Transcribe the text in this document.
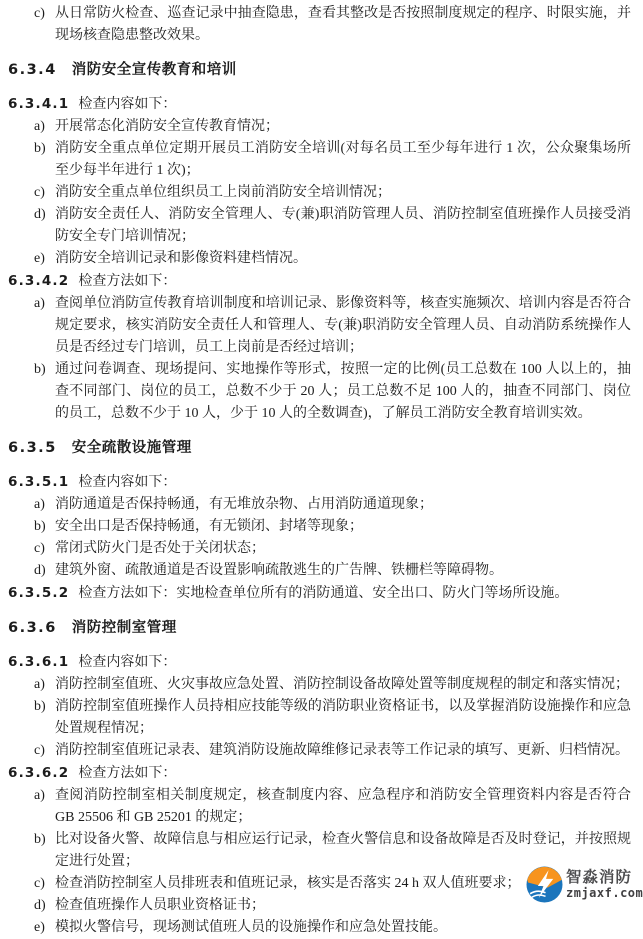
c) 从日常防火检查、巡查记录中抽查隐患，查看其整改是否按照制度规定的程序、时限实施，并现场核查隐患整改效果。
6.3.4 消防安全宣传教育和培训

6.3.4.1 检查内容如下：

a) 开展常态化消防安全宣传教育情况；
b) 消防安全重点单位定期开展员工消防安全培训(对每名员工至少每年进行 1 次，公众聚集场所至少每半年进行 1 次)；
c) 消防安全重点单位组织员工上岗前消防安全培训情况；
d) 消防安全责任人、消防安全管理人、专(兼)职消防管理人员、消防控制室值班操作人员接受消防安全专门培训情况；
e) 消防安全培训记录和影像资料建档情况。

6.3.4.2 检查方法如下：

a) 查阅单位消防宣传教育培训制度和培训记录、影像资料等，核查实施频次、培训内容是否符合规定要求，核实消防安全责任人和管理人、专(兼)职消防安全管理人员、自动消防系统操作人员是否经过专门培训，员工上岗前是否经过培训；
b) 通过问卷调查、现场提问、实地操作等形式，按照一定的比例(员工总数在 100 人以上的，抽查不同部门、岗位的员工，总数不少于 20 人；员工总数不足 100 人的，抽查不同部门、岗位的员工，总数不少于 10 人，少于 10 人的全数调查)，了解员工消防安全教育培训实效。
6.3.5 安全疏散设施管理

6.3.5.1 检查内容如下：

a) 消防通道是否保持畅通，有无堆放杂物、占用消防通道现象；
b) 安全出口是否保持畅通，有无锁闭、封堵等现象；
c) 常闭式防火门是否处于关闭状态；
d) 建筑外窗、疏散通道是否设置影响疏散逃生的广告牌、铁栅栏等障碍物。

6.3.5.2 检查方法如下：实地检查单位所有的消防通道、安全出口、防火门等场所设施。

6.3.6 消防控制室管理

6.3.6.1 检查内容如下：

a) 消防控制室值班、火灾事故应急处置、消防控制设备故障处置等制度规程的制定和落实情况；
b) 消防控制室值班操作人员持相应技能等级的消防职业资格证书，以及掌握消防设施操作和应急处置规程情况；
c) 消防控制室值班记录表、建筑消防设施故障维修记录表等工作记录的填写、更新、归档情况。

6.3.6.2 检查方法如下：

a) 查阅消防控制室相关制度规定，核查制度内容、应急程序和消防安全管理资料内容是否符合 GB 25506 和 GB 25201 的规定；
b) 比对设备火警、故障信息与相应运行记录，检查火警信息和设备故障是否及时登记，并按照规定进行处置；
c) 检查消防控制室人员排班表和值班记录，核实是否落实 24 h 双人值班要求；
d) 检查值班操作人员职业资格证书；
e) 模拟火警信号，现场测试值班人员的设施操作和应急处置技能。
智淼消防
zmjaxf.com
